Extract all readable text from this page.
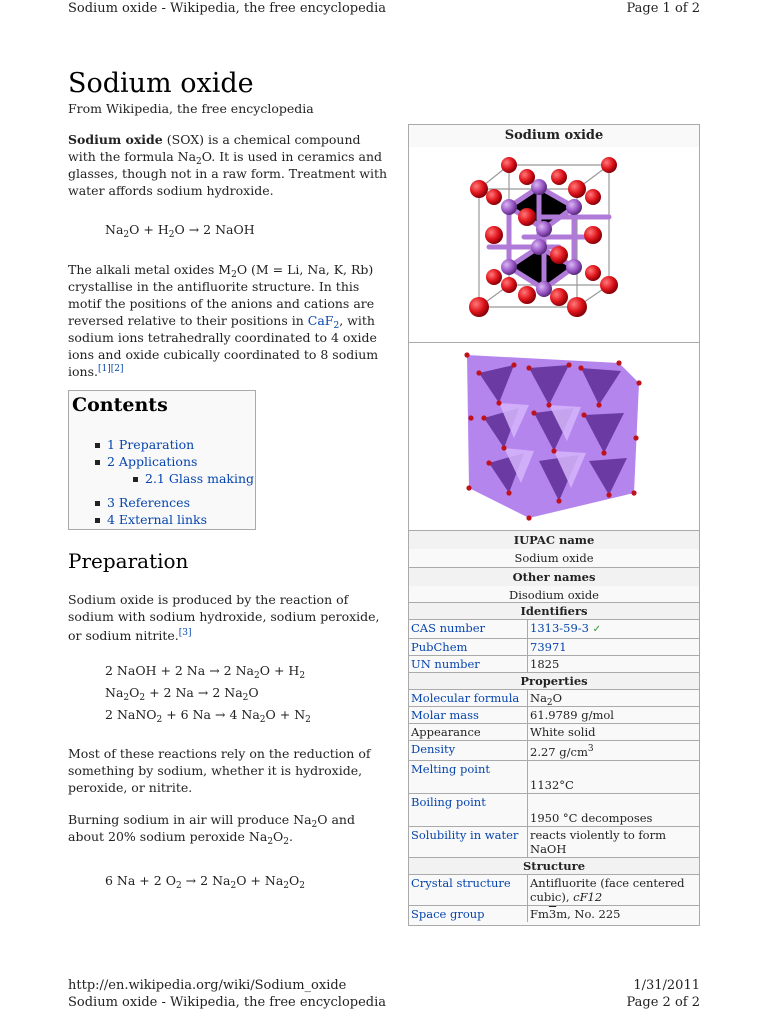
Sodium oxide - Wikipedia, the free encyclopedia	Page 1 of 2
Sodium oxide
From Wikipedia, the free encyclopedia
Sodium oxide (SOX) is a chemical compound with the formula $Na_2O$. It is used in ceramics and glasses, though not in a raw form. Treatment with water affords sodium hydroxide.
$Na_2O + H_2O \to 2$ NaOH
The alkali metal oxides $M_2O$ (M = Li, Na, K, Rb) crystallise in the antifluorite structure. In this motif the positions of the anions and cations are reversed relative to their positions in CaF$_2$, with sodium ions tetrahedrally coordinated to 4 oxide ions and oxide cubically coordinated to 8 sodium ions.[1][2]
Contents
1 Preparation
2 Applications
2.1 Glass making
3 References
4 External links
Preparation
Sodium oxide is produced by the reaction of sodium with sodium hydroxide, sodium peroxide, or sodium nitrite.[3]
2 NaOH + 2 Na → 2 $Na_2O + H_2$
$Na_2O_2 + 2$ Na → 2 $Na_2O$
2 NaNO$_2$ + 6 Na → 4 $Na_2O + N_2$
Most of these reactions rely on the reduction of something by sodium, whether it is hydroxide, peroxide, or nitrite.
Burning sodium in air will produce $Na_2O$ and about 20% sodium peroxide $Na_2O_2$.
6 Na + 2 $O_2 \to 2$ $Na_2O + Na_2O_2$
Sodium oxide
IUPAC name
Sodium oxide
Other names
Disodium oxide
Identifiers	
CAS number	1313-59-3 ✓
PubChem	73971
UN number	1825
Properties	
Molecular formula	$Na_2O$
Molar mass	61.9789 g/mol
Appearance	White solid
Density	2.27 $g/cm^3$
Melting point	1132°C
Boiling point	1950 °C decomposes
Solubility in water	reacts violently to form NaOH
Structure	
Crystal structure	Antifluorite (face centered cubic), cF12
Space group	Fm3m, No. 225
http://en.wikipedia.org/wiki/Sodium_oxide	1/31/2011
Sodium oxide - Wikipedia, the free encyclopedia	Page 2 of 2
